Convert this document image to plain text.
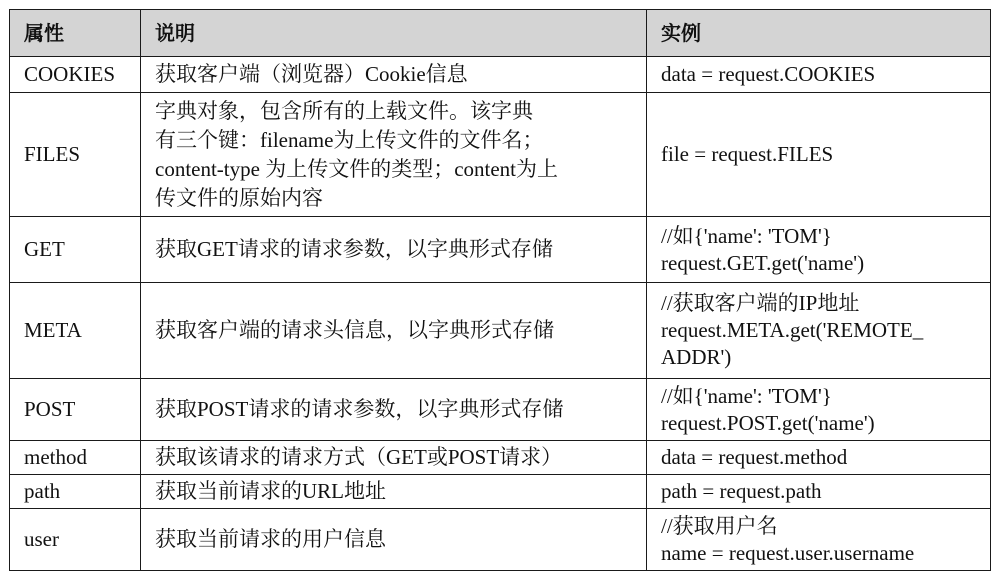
属性	说明	实例
COOKIES	获取客户端（浏览器）Cookie信息	data = request.COOKIES

FILES	字典对象，包含所有的上载文件。该字典
有三个键：filename为上传文件的文件名；
content-type 为上传文件的类型；content为上
传文件的原始内容	file = request.FILES

GET	获取GET请求的请求参数，以字典形式存储	//如{'name': 'TOM'}
request.GET.get('name')

META	获取客户端的请求头信息，以字典形式存储	//获取客户端的IP地址
request.META.get('REMOTE_
ADDR')

POST	获取POST请求的请求参数，以字典形式存储	//如{'name': 'TOM'}
request.POST.get('name')

method	获取该请求的请求方式（GET或POST请求）	data = request.method

path	获取当前请求的URL地址	path = request.path

user	获取当前请求的用户信息	//获取用户名
name = request.user.username
